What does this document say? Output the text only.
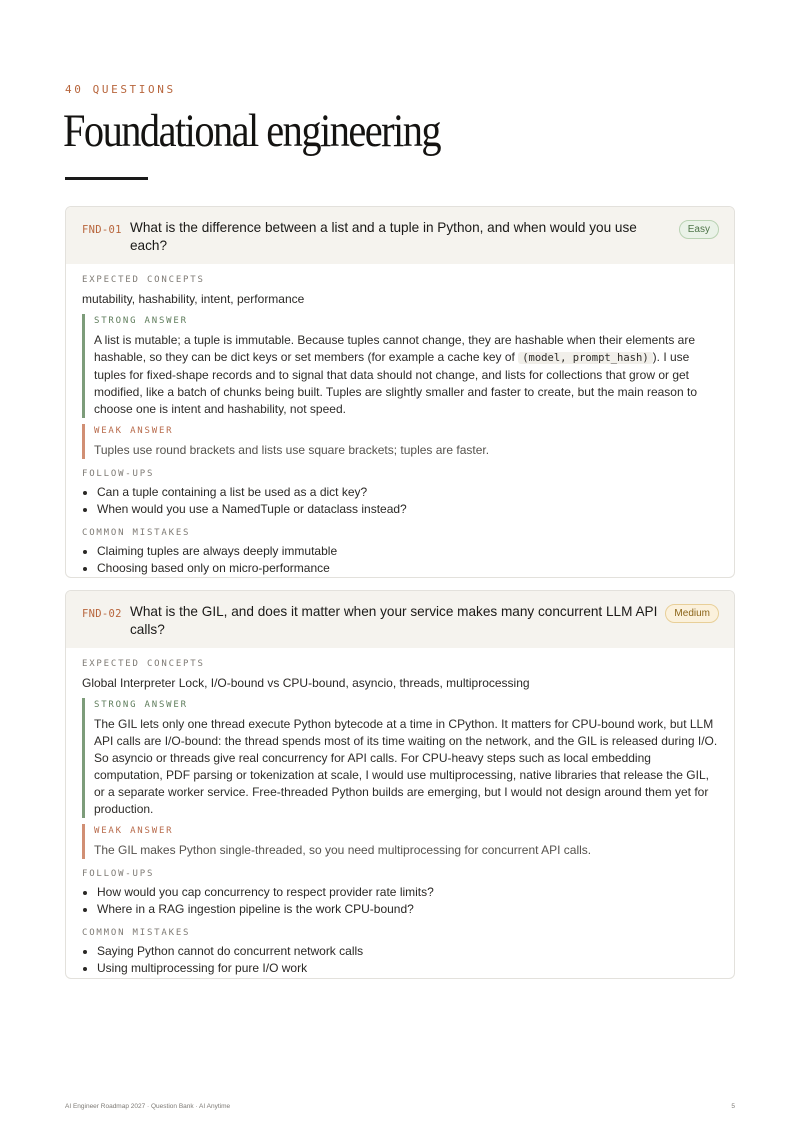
40 QUESTIONS
Foundational engineering
FND-01 What is the difference between a list and a tuple in Python, and when would you use each?
Easy
EXPECTED CONCEPTS
mutability, hashability, intent, performance
STRONG ANSWER
A list is mutable; a tuple is immutable. Because tuples cannot change, they are hashable when their elements are hashable, so they can be dict keys or set members (for example a cache key of (model, prompt_hash) ). I use tuples for fixed-shape records and to signal that data should not change, and lists for collections that grow or get modified, like a batch of chunks being built. Tuples are slightly smaller and faster to create, but the main reason to choose one is intent and hashability, not speed.
WEAK ANSWER
Tuples use round brackets and lists use square brackets; tuples are faster.
FOLLOW-UPS
• Can a tuple containing a list be used as a dict key?
• When would you use a NamedTuple or dataclass instead?
COMMON MISTAKES
• Claiming tuples are always deeply immutable
• Choosing based only on micro-performance
FND-02 What is the GIL, and does it matter when your service makes many concurrent LLM API calls?
Medium
EXPECTED CONCEPTS
Global Interpreter Lock, I/O-bound vs CPU-bound, asyncio, threads, multiprocessing
STRONG ANSWER
The GIL lets only one thread execute Python bytecode at a time in CPython. It matters for CPU-bound work, but LLM API calls are I/O-bound: the thread spends most of its time waiting on the network, and the GIL is released during I/O. So asyncio or threads give real concurrency for API calls. For CPU-heavy steps such as local embedding computation, PDF parsing or tokenization at scale, I would use multiprocessing, native libraries that release the GIL, or a separate worker service. Free-threaded Python builds are emerging, but I would not design around them yet for production.
WEAK ANSWER
The GIL makes Python single-threaded, so you need multiprocessing for concurrent API calls.
FOLLOW-UPS
• How would you cap concurrency to respect provider rate limits?
• Where in a RAG ingestion pipeline is the work CPU-bound?
COMMON MISTAKES
• Saying Python cannot do concurrent network calls
• Using multiprocessing for pure I/O work
AI Engineer Roadmap 2027 · Question Bank · AI Anytime	5
